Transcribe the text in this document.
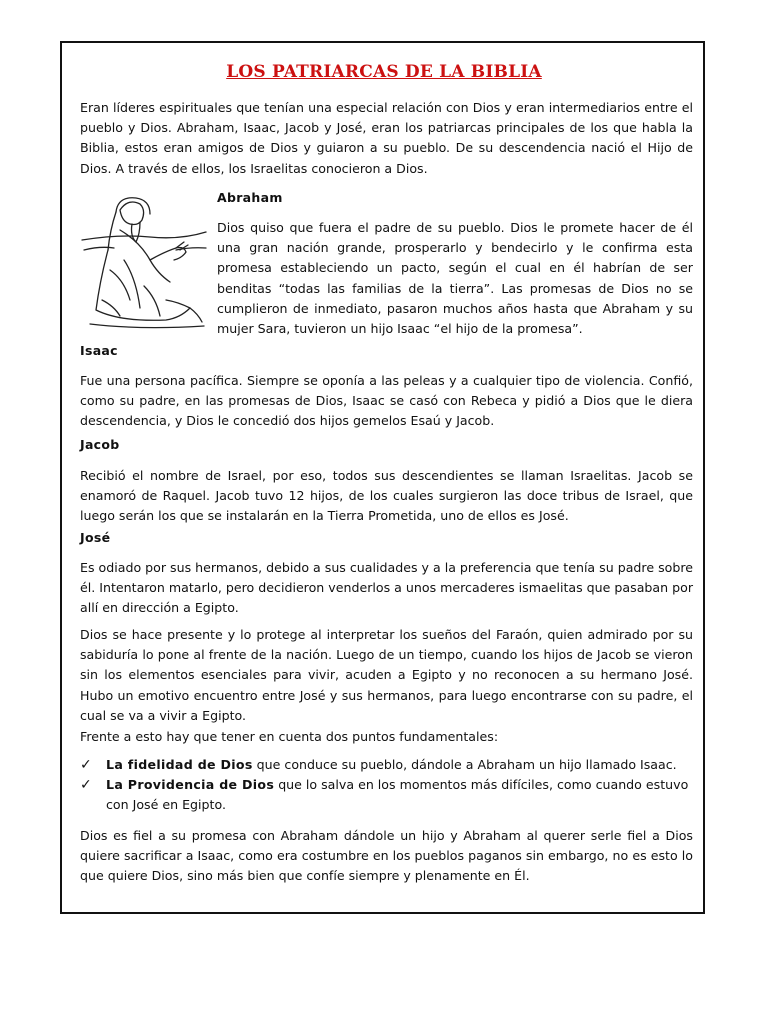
LOS PATRIARCAS DE LA BIBLIA

Eran líderes espirituales que tenían una especial relación con Dios y eran intermediarios entre el pueblo y Dios. Abraham, Isaac, Jacob y José, eran los patriarcas principales de los que habla la Biblia, estos eran amigos de Dios y guiaron a su pueblo. De su descendencia nació el Hijo de Dios. A través de ellos, los Israelitas conocieron a Dios.

Abraham

Dios quiso que fuera el padre de su pueblo. Dios le promete hacer de él una gran nación grande, prosperarlo y bendecirlo y le confirma esta promesa estableciendo un pacto, según el cual en él habrían de ser benditas “todas las familias de la tierra”. Las promesas de Dios no se cumplieron de inmediato, pasaron muchos años hasta que Abraham y su mujer Sara, tuvieron un hijo Isaac “el hijo de la promesa”.

Isaac

Fue una persona pacífica. Siempre se oponía a las peleas y a cualquier tipo de violencia. Confió, como su padre, en las promesas de Dios, Isaac se casó con Rebeca y pidió a Dios que le diera descendencia, y Dios le concedió dos hijos gemelos Esaú y Jacob.

Jacob

Recibió el nombre de Israel, por eso, todos sus descendientes se llaman Israelitas. Jacob se enamoró de Raquel. Jacob tuvo 12 hijos, de los cuales surgieron las doce tribus de Israel, que luego serán los que se instalarán en la Tierra Prometida, uno de ellos es José.

José

Es odiado por sus hermanos, debido a sus cualidades y a la preferencia que tenía su padre sobre él. Intentaron matarlo, pero decidieron venderlos a unos mercaderes ismaelitas que pasaban por allí en dirección a Egipto.

Dios se hace presente y lo protege al interpretar los sueños del Faraón, quien admirado por su sabiduría lo pone al frente de la nación. Luego de un tiempo, cuando los hijos de Jacob se vieron sin los elementos esenciales para vivir, acuden a Egipto y no reconocen a su hermano José. Hubo un emotivo encuentro entre José y sus hermanos, para luego encontrarse con su padre, el cual se va a vivir a Egipto.

Frente a esto hay que tener en cuenta dos puntos fundamentales:

✓ La fidelidad de Dios que conduce su pueblo, dándole a Abraham un hijo llamado Isaac.
✓ La Providencia de Dios que lo salva en los momentos más difíciles, como cuando estuvo con José en Egipto.

Dios es fiel a su promesa con Abraham dándole un hijo y Abraham al querer serle fiel a Dios quiere sacrificar a Isaac, como era costumbre en los pueblos paganos sin embargo, no es esto lo que quiere Dios, sino más bien que confíe siempre y plenamente en Él.
